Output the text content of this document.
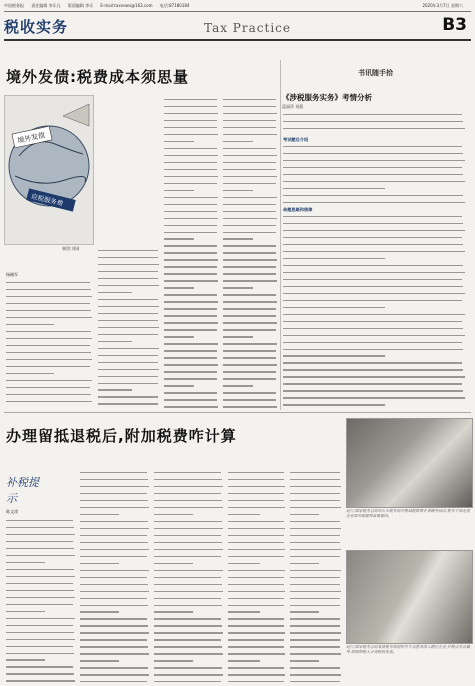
中国税务报 责任编辑 李乐凡 版面编辑 李乐 E-mail:taxnews@163.com 电话:87180184	2020年3月7日 星期六
税收实务	Tax Practice	B3
境外发债:税费成本须思量
境外发债
应税服务费
制图:刘刚
杨楠军
书讯随手拾
《涉税服务实务》考情分析
蓝丽萍 刘燕
考试题目介绍
命题思路和规律
办理留抵退税后,附加税费咋计算
补税提示
陈文涛	近日,国家税务总局乐山市税务局开展减税降费专项辅导活动,税务干部走进企业面对面解答政策疑问。
近日,国家税务总局某县税务局组织青年志愿者深入辖区企业,开展点对点辅导,帮助纳税人享受税收优惠。
